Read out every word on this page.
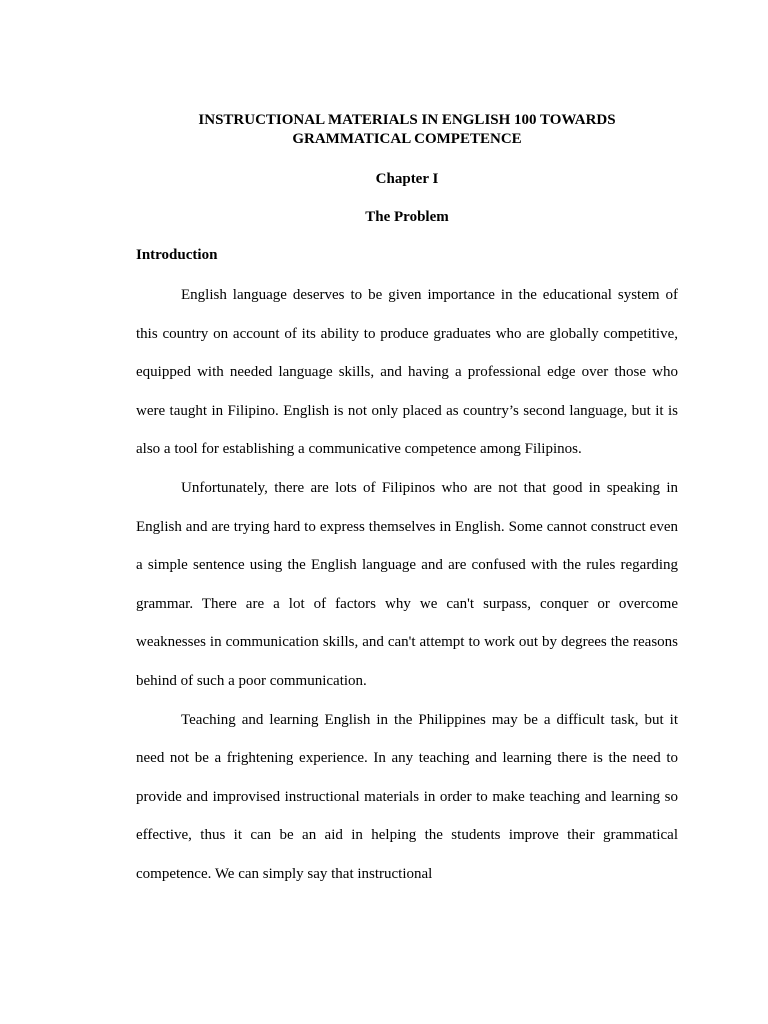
INSTRUCTIONAL MATERIALS IN ENGLISH 100 TOWARDS
GRAMMATICAL COMPETENCE
Chapter I
The Problem
Introduction

English language deserves to be given importance in the educational system of this country on account of its ability to produce graduates who are globally competitive, equipped with needed language skills, and having a professional edge over those who were taught in Filipino. English is not only placed as country’s second language, but it is also a tool for establishing a communicative competence among Filipinos.

Unfortunately, there are lots of Filipinos who are not that good in speaking in English and are trying hard to express themselves in English. Some cannot construct even a simple sentence using the English language and are confused with the rules regarding grammar. There are a lot of factors why we can't surpass, conquer or overcome weaknesses in communication skills, and can't attempt to work out by degrees the reasons behind of such a poor communication.

Teaching and learning English in the Philippines may be a difficult task, but it need not be a frightening experience. In any teaching and learning there is the need to provide and improvised instructional materials in order to make teaching and learning so effective, thus it can be an aid in helping the students improve their grammatical competence. We can simply say that instructional
